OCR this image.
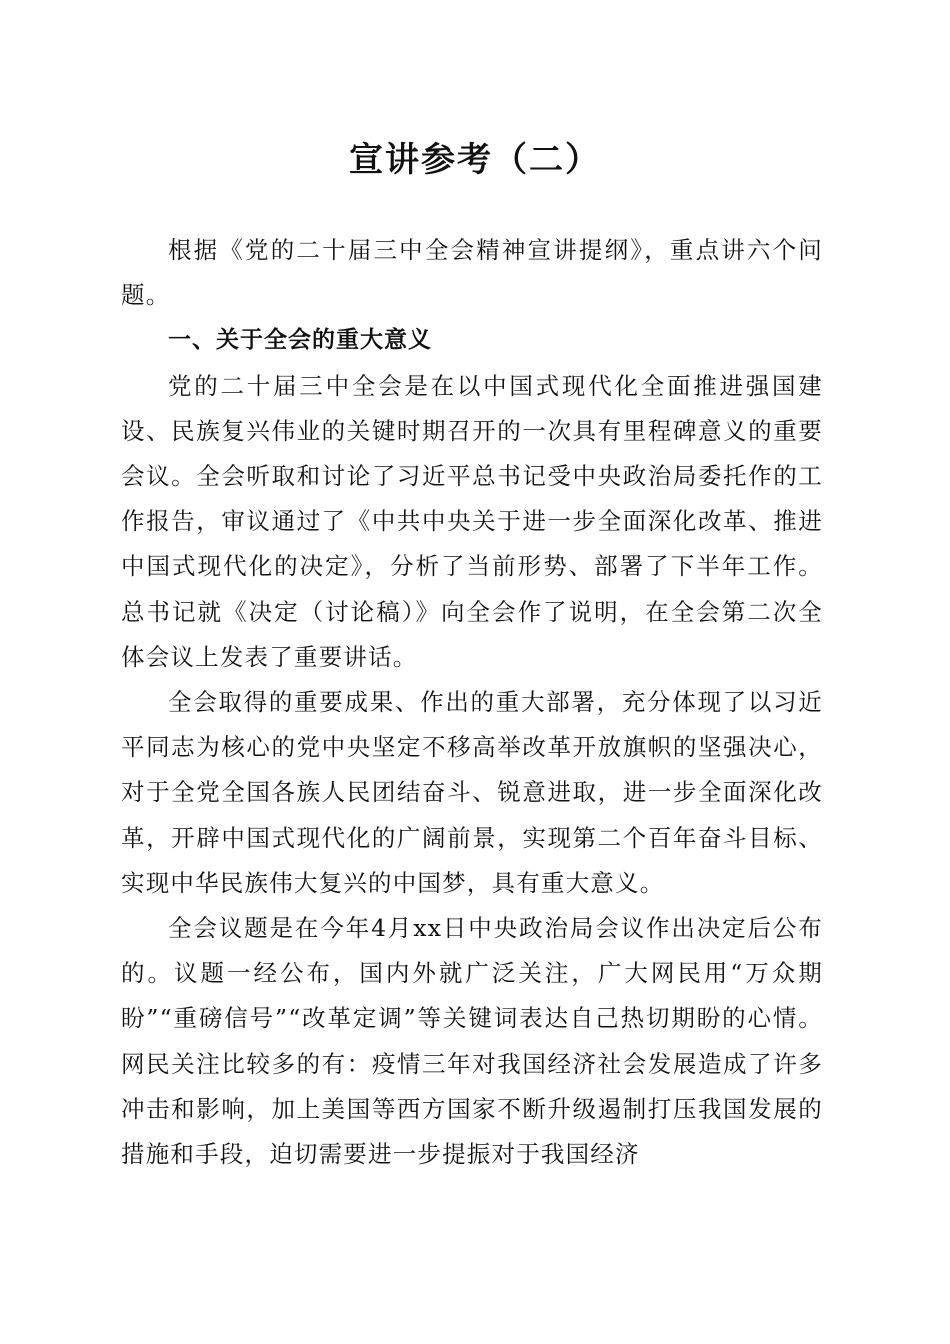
宣讲参考（二）

根据《党的二十届三中全会精神宣讲提纲》，重点讲六个问题。

一、关于全会的重大意义

党的二十届三中全会是在以中国式现代化全面推进强国建设、民族复兴伟业的关键时期召开的一次具有里程碑意义的重要会议。全会听取和讨论了习近平总书记受中央政治局委托作的工作报告，审议通过了《中共中央关于进一步全面深化改革、推进中国式现代化的决定》，分析了当前形势、部署了下半年工作。总书记就《决定（讨论稿）》向全会作了说明，在全会第二次全体会议上发表了重要讲话。

全会取得的重要成果、作出的重大部署，充分体现了以习近平同志为核心的党中央坚定不移高举改革开放旗帜的坚强决心，对于全党全国各族人民团结奋斗、锐意进取，进一步全面深化改革，开辟中国式现代化的广阔前景，实现第二个百年奋斗目标、实现中华民族伟大复兴的中国梦，具有重大意义。

全会议题是在今年4月xx日中央政治局会议作出决定后公布的。议题一经公布，国内外就广泛关注，广大网民用“万众期盼”“重磅信号”“改革定调”等关键词表达自己热切期盼的心情。网民关注比较多的有：疫情三年对我国经济社会发展造成了许多冲击和影响，加上美国等西方国家不断升级遏制打压我国发展的措施和手段，迫切需要进一步提振对于我国经济
